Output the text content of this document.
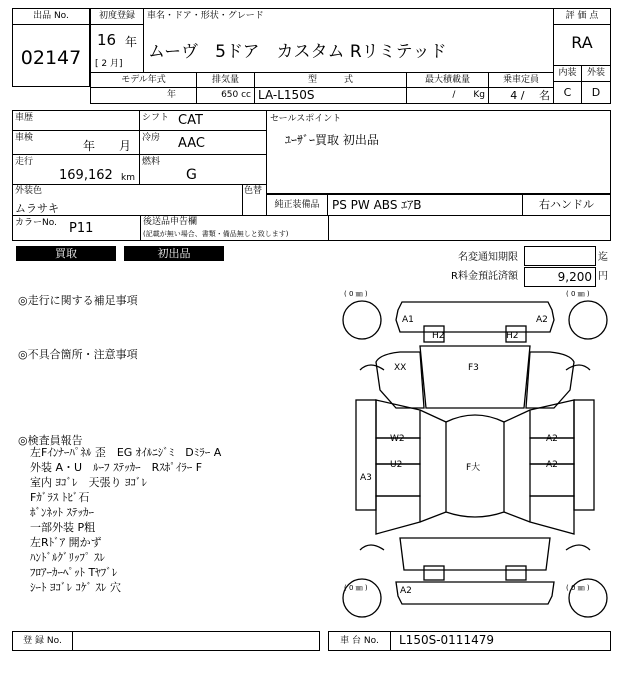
出品 No.
02147
初度登録
16 年
[ 2 月]
車名・ドア・形状・グレード
ムーヴ　5ドア　カスタム Rリミテッド
評 価 点
RA
内装	外装
C	D
モデル年式
年
排気量
650 cc
型　　　式
LA-L150S
最大積載量
/　　Kg
乗車定員
4 /　 名
車歴	シフト CAT
車検
年　　月
冷房 AAC
走行
169,162 km
燃料
G
セールスポイント
ﾕｰｻﾞｰ買取 初出品
外装色
ムラサキ
色替
純正装備品	PS PW ABS ｴｱB	右ハンドル
カラーNo. P11	後送品申告欄
(記載が無い場合、書類・備品無しと致します)
買取	初出品	名変通知期限	迄
R料金預託済額	9,200 円
◎走行に関する補足事項
◎不具合箇所・注意事項
◎検査員報告
左Fｲﾝﾅｰﾊﾟﾈﾙ 歪　EG ｵｲﾙﾆｼﾞﾐ　Dﾐﾗｰ A
外装 A・U　ﾙｰﾌ ｽﾃｯｶｰ　Rｽﾎﾟｲﾗｰ F
室内 ﾖｺﾞﾚ　天張り ﾖｺﾞﾚ
Fｶﾞﾗｽ ﾄﾋﾞ石
ﾎﾞﾝﾈｯﾄ ｽﾃｯｶｰ
一部外装 P粗
左Rﾄﾞｱ 開かず
ﾊﾝﾄﾞﾙｸﾞﾘｯﾌﾟ ｽﾚ
ﾌﾛｱｰｶｰﾍﾟｯﾄ Tﾔﾌﾞﾚ
ｼｰﾄ ﾖｺﾞﾚ ｺｹﾞ ｽﾚ 穴
( 0 ㎜ )	( 0 ㎜ )
( 0 ㎜ )	( 0 ㎜ )
A1	A2
H2	H2
XX	F3
W2	A2
U2	F大	A2
A3
A2
登 録 No.	車 台 No.	L150S-0111479
